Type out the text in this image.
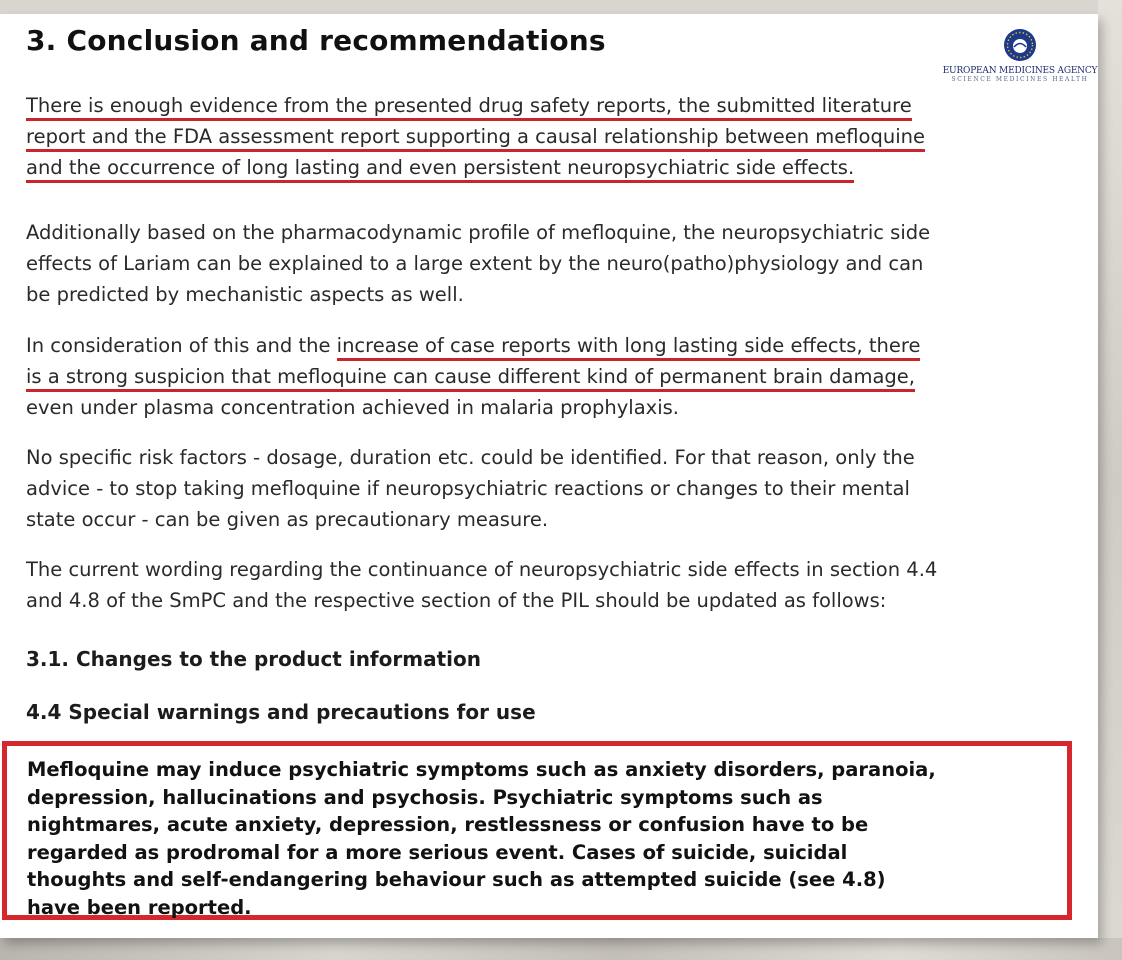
3. Conclusion and recommendations
EUROPEAN MEDICINES AGENCY
SCIENCE MEDICINES HEALTH

There is enough evidence from the presented drug safety reports, the submitted literature
report and the FDA assessment report supporting a causal relationship between mefloquine
and the occurrence of long lasting and even persistent neuropsychiatric side effects.

Additionally based on the pharmacodynamic profile of mefloquine, the neuropsychiatric side
effects of Lariam can be explained to a large extent by the neuro(patho)physiology and can
be predicted by mechanistic aspects as well.

In consideration of this and the increase of case reports with long lasting side effects, there
is a strong suspicion that mefloquine can cause different kind of permanent brain damage,
even under plasma concentration achieved in malaria prophylaxis.

No specific risk factors - dosage, duration etc. could be identified. For that reason, only the
advice - to stop taking mefloquine if neuropsychiatric reactions or changes to their mental
state occur - can be given as precautionary measure.

The current wording regarding the continuance of neuropsychiatric side effects in section 4.4
and 4.8 of the SmPC and the respective section of the PIL should be updated as follows:

3.1. Changes to the product information
4.4 Special warnings and precautions for use

Mefloquine may induce psychiatric symptoms such as anxiety disorders, paranoia,
depression, hallucinations and psychosis. Psychiatric symptoms such as
nightmares, acute anxiety, depression, restlessness or confusion have to be
regarded as prodromal for a more serious event. Cases of suicide, suicidal
thoughts and self-endangering behaviour such as attempted suicide (see 4.8)
have been reported.
